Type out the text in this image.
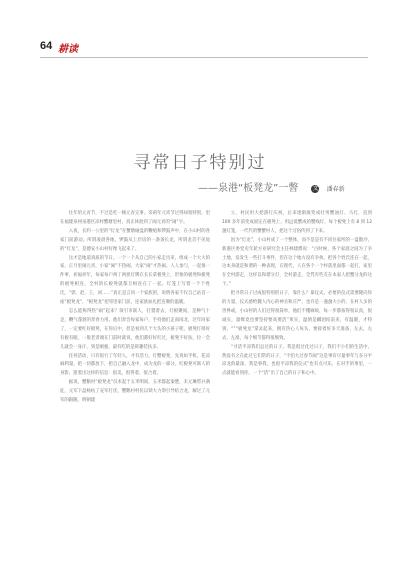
64 耕读
寻常日子特别过
——泉港“板凳龙”一瞥 文 潘春新

往年的元宵节，不过是吃一顿元宵完事。奈莉年元宵节过得却很特别，里在福建泉州泉港区凉村蟹塘里村，真正体验到了闹元宵的“闹”字。

入夜，长约一公里的“灯龙”在蟹塘碰盘的鞭炮和锣鼓声中，在小山村的各家门前游动。所谓凌晨各地，锣鼓从上层房的一条条长龙，所谓龙首不见尾的“灯龙”，是德安小山村好像飞起来了。

这才是地道真质的节日。一个一个从自己的小家走出来，组成一个大大的家，正月里闹元宵，小家“闹”不热闹，大家“闹”才热闹。人人参与，一起推一件事，祈福祈年，每家每户两丁两担灯牌在长长拿板凳上，形象的板凳和板凳的板凳相连，全村的长板凳就都互相连在了一起。灯笼上写着一个个姓氏，“郭，赵，王，刘……”真正是言同一个家族的，说明各家不仅自己站首一座“板凳龙”，“板凳龙”把邻里家门前，连家族血礼把连聚的温暖。

怎么能称得热“闹”起来？领引市联人，打猎着去，灯板聚间，是种气十足，鞭气蓬勃的奔春力用。他们奔会每家每户，手持他们走南闯北，过年回家了，一定要红好板凳，在你后中，但是看到几个大头的小孩子呢，板凳灯排好有板有眼，一般老者端在门前时就说，他们都好好红过，板凳不好扶，拉一会儿就会一身汗，到是刚强，最有吃的是碎趣装扶多。

任何活动，只有很行了年轻人，才有活力。灯蟹板凳，先说如手机，花凉麻利量，把一切都放下，把自己融入龙中，成为龙的一部分。红板凳可联人的身影，遗着出这样的信息：很美，很得着，很合着。

据说，蟹鹅村“板凳龙”仅术起于五米明间，五米都起秦楚，未元琳带兵满征，元军下盘杨杭了充军打伏，蟹鹅村村民以锁大力仰引导结合龙，解过了元军的跟随。明朝建

立，村民用大把游行庆祝，后来逐渐演变成壮男蟹油灯、马灯，直到 100 多年前变成固定在板凳上、用远低蟹成的蟹线灯，每个板凳上有 8 到 12 盏灯笼，一代代的蟹蟹村人，把这个习俗传到了下来。

因为“灯龙”，小山村成了一个整体，而不是是有不同住家所的一盘散沙，新港区委党史年轮方业研究会主任林建爵说：“古时候，各个家庭之间为了争土地，发发生一些打斗事件，但在这个地方没有争执，把各个姓氏连在一起，这本身就是和谐的一种表现，在现代，人在各个一个村落里面都一起打，家里在全村游走，这样以和谐分灯，全村游走，全凭有些友在本家人把蟹分龙的这个。”

把寻常日子过成很特别的日子，靠什么？靠仪式。必要的仪式需要隆向你的力量，仪式感给魏人内心的神圣和庄严，也许是一盏盏大小的，在村人多的世界或，小山村的人们过得很简单，他们不懂麻烦，每一步都按得很认真，很诚实，量爆竟也要坚持要高要活”莱实，温情是麟团结前来，有温暖，才特别，“”“板凳龙”掌灵起来，拥有热心人每头，要接着好多天准备，左去，左去，左准，每个细节都得很细致。

“寻活平凉我们总过的日子。我是很过化过日子，我们不小们的生活中，然没有之在此过它们常的日子，“不怕大过春节闹”这是事有尽量事年与多分平凉龙的最深，我是事我，也很平凉我的仪式”也有点可乐，在对手的事里，一点就能看到你，一个“活”出了自己的日子和心中。
